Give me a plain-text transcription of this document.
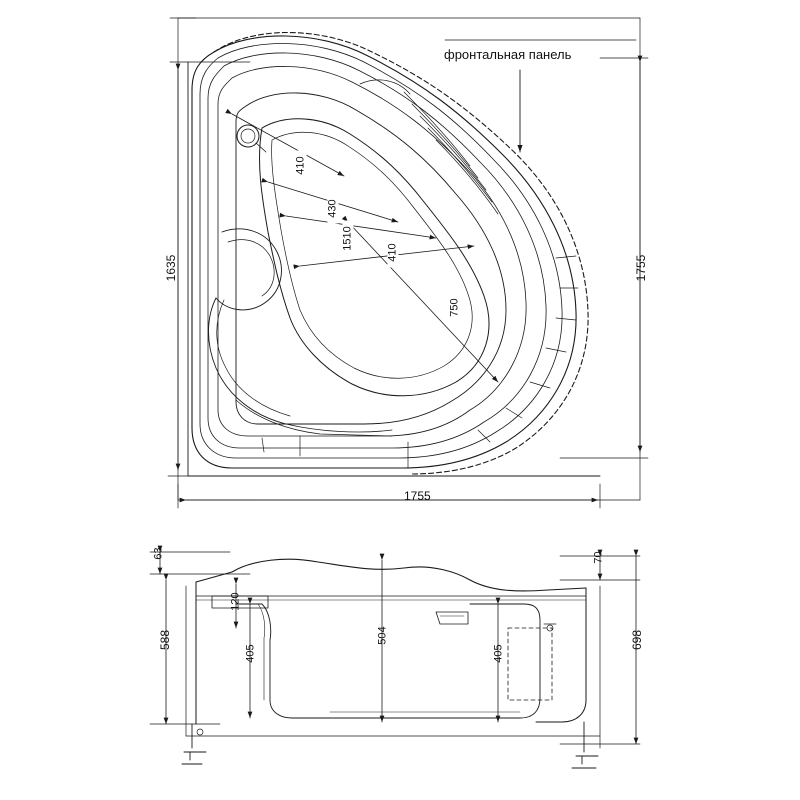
фронтальная панель
1635	1755
1755
410
430
1510
410
750
63	70
120
405
504
405
588	698
